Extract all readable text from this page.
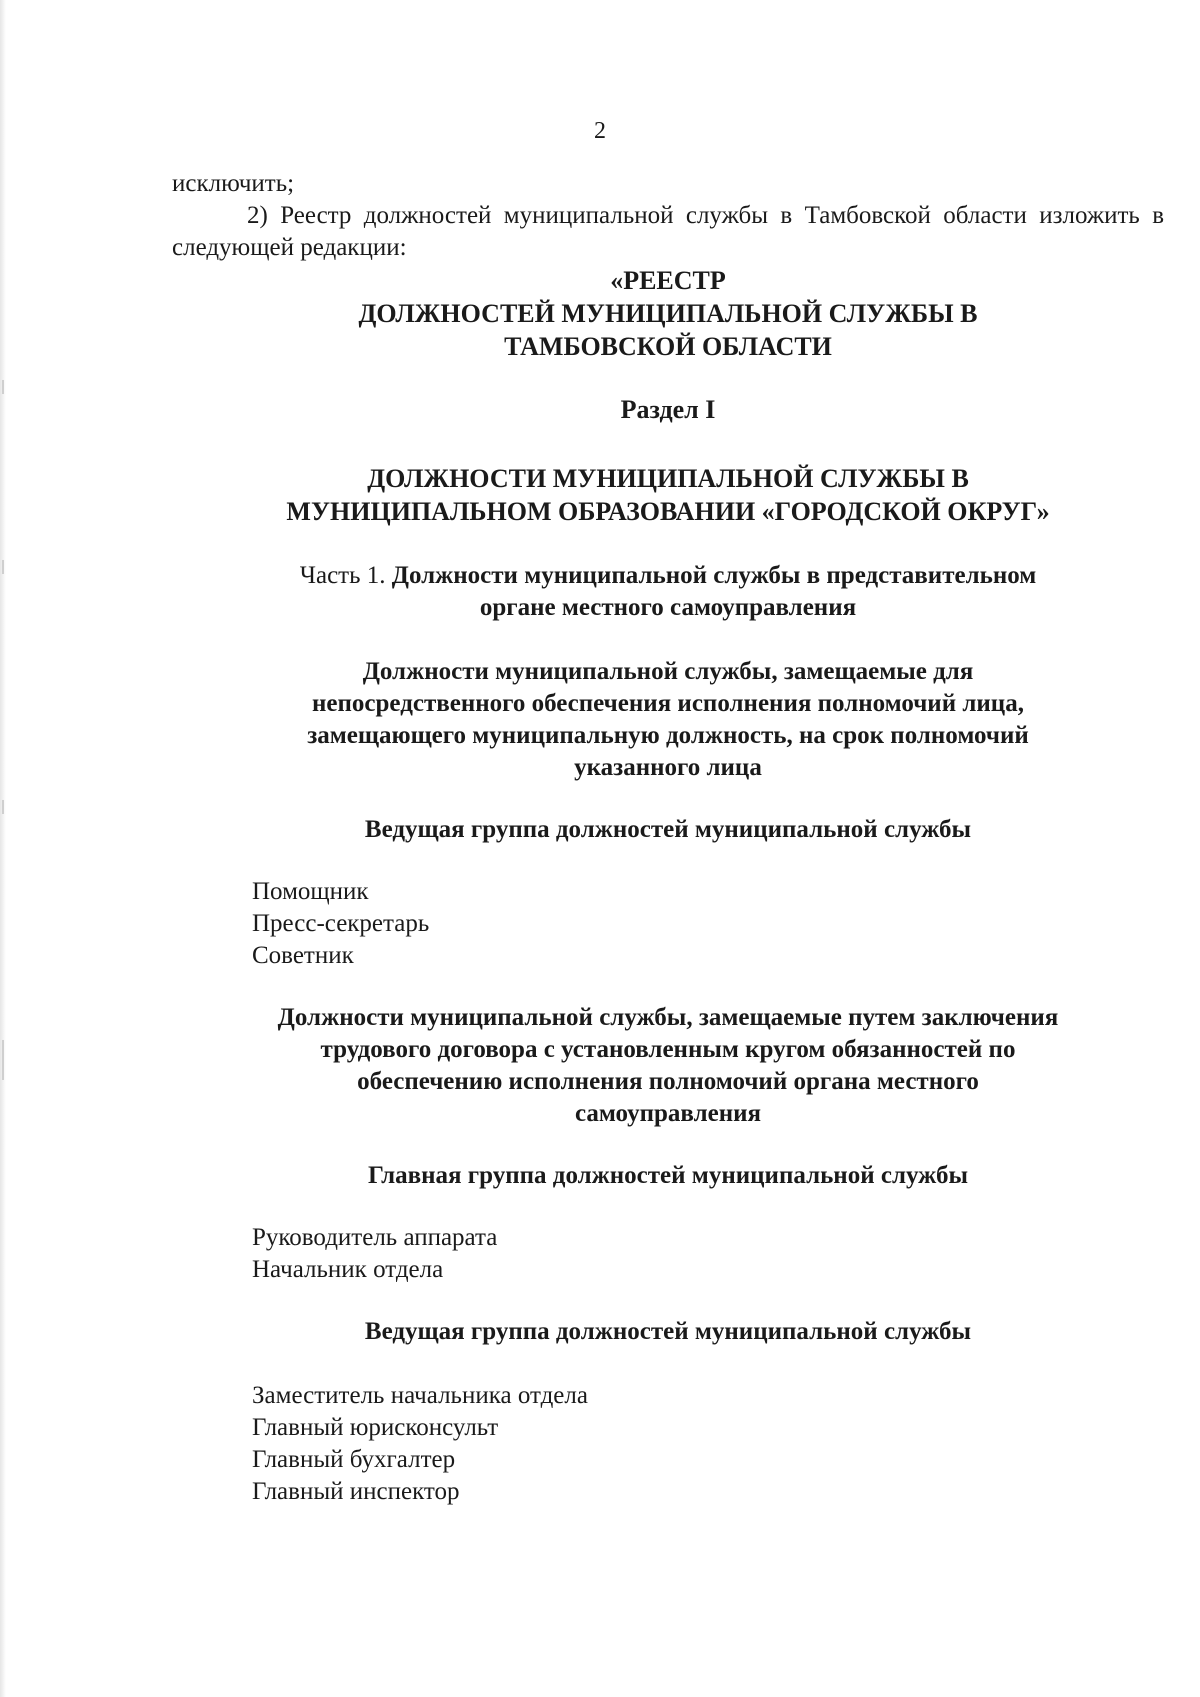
2

исключить;

2) Реестр должностей муниципальной службы в Тамбовской области изложить в следующей редакции:

«РЕЕСТР
ДОЛЖНОСТЕЙ МУНИЦИПАЛЬНОЙ СЛУЖБЫ В
ТАМБОВСКОЙ ОБЛАСТИ
Раздел I
ДОЛЖНОСТИ МУНИЦИПАЛЬНОЙ СЛУЖБЫ В
МУНИЦИПАЛЬНОМ ОБРАЗОВАНИИ «ГОРОДСКОЙ ОКРУГ»
Часть 1. Должности муниципальной службы в представительном
органе местного самоуправления
Должности муниципальной службы, замещаемые для
непосредственного обеспечения исполнения полномочий лица,
замещающего муниципальную должность, на срок полномочий
указанного лица
Ведущая группа должностей муниципальной службы

Помощник

Пресс-секретарь

Советник

Должности муниципальной службы, замещаемые путем заключения
трудового договора с установленным кругом обязанностей по
обеспечению исполнения полномочий органа местного
самоуправления
Главная группа должностей муниципальной службы

Руководитель аппарата

Начальник отдела

Ведущая группа должностей муниципальной службы

Заместитель начальника отдела

Главный юрисконсульт

Главный бухгалтер

Главный инспектор
